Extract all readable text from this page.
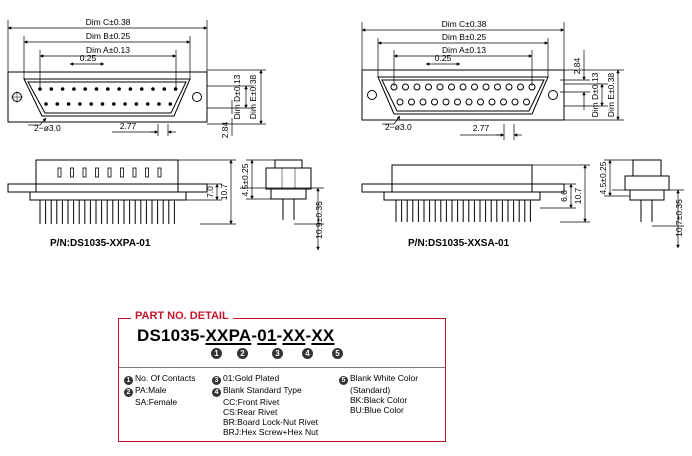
Dim C±0.38
Dim B±0.25
Dim A±0.13
0.25
2.77
2−ø3.0
Dim D±0.13 Dim E±0.38
2.84
7.0 10.7 4.5±0.25
10.9±0.35
Dim C±0.38
Dim B±0.25
Dim A±0.13
0.25
2.77
2−ø3.0
2.84
Dim D±0.13 Dim E±0.38
6.6 10.7
4.5±0.25
10.7±0.35
P/N:DS1035-XXPA-01	P/N:DS1035-XXSA-01
PART NO. DETAIL
DS1035-XXPA-01-XX-XX
1	2	3	4	5
1 No. Of Contacts
2 PA:Male
SA:Female
3 01:Gold Plated
4 Blank Standard Type
CC:Front Rivet
CS:Rear Rivet
BR:Board Lock-Nut Rivet
BRJ:Hex Screw+Hex Nut
5 Blank White Color
(Standard)
BK:Black Color
BU:Blue Color
